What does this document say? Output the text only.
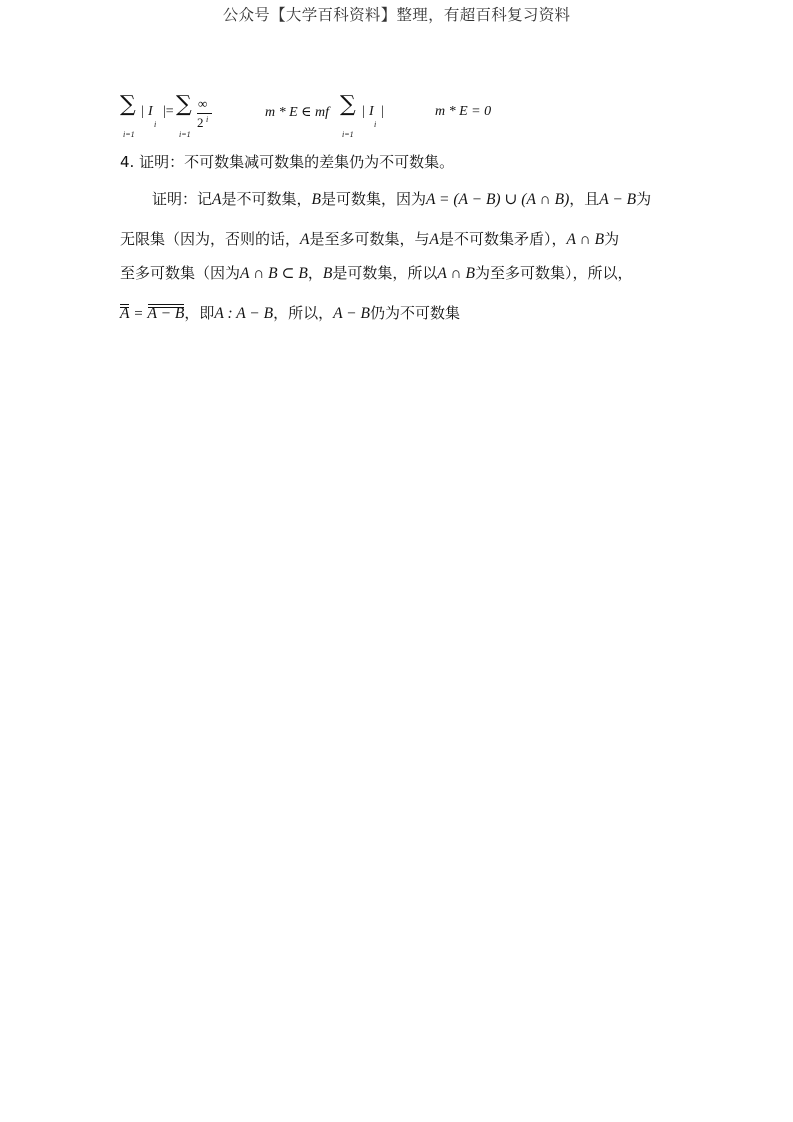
公众号【大学百科资料】整理，有超百科复习资料
∑
i=1
| I
i
|= ∑
i=1
∞
2 i	m * E ∈ mf ∑
i=1
| I
i
|	m * E = 0
4. 证明：不可数集减可数集的差集仍为不可数集。
证明：记A是不可数集，B是可数集，因为A = (A − B) ∪ (A ∩ B)，且A − B为
无限集（因为，否则的话，A是至多可数集，与A是不可数集矛盾），A ∩ B为
至多可数集（因为A ∩ B ⊂ B，B是可数集，所以A ∩ B为至多可数集），所以，
A = A − B，即A : A − B，所以，A − B仍为不可数集
